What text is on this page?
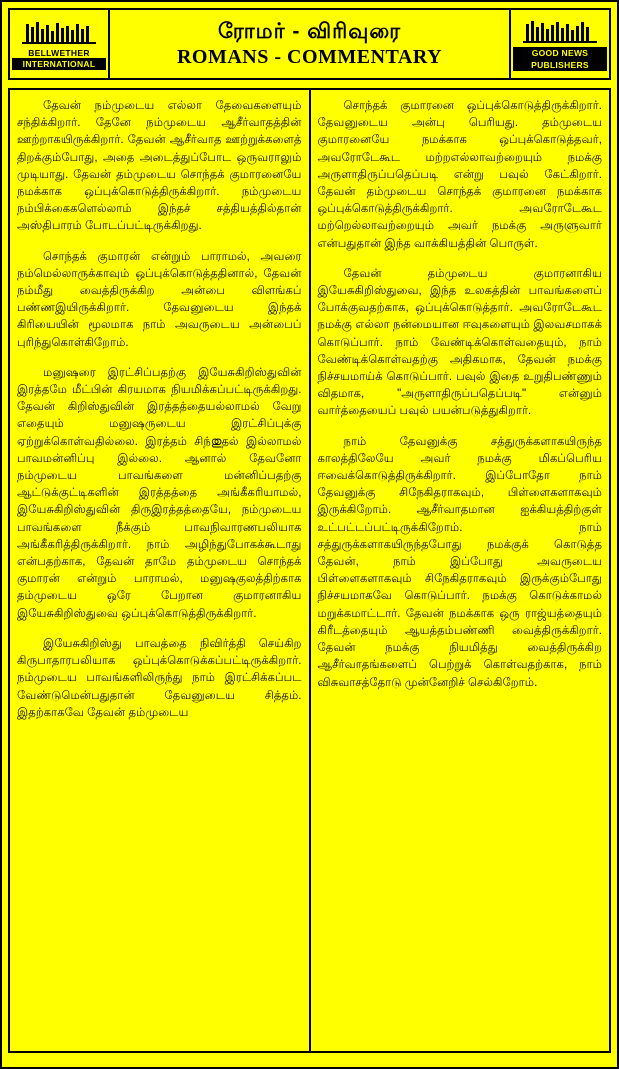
BELLWETHER
INTERNATIONAL
ரோமர் - விரிவுரை
ROMANS - COMMENTARY	GOOD NEWS
PUBLISHERS

தேவன் நம்முடைய எல்லா தேவைகளையும் சந்திக்கிறார். தேனே நம்முடைய ஆசீர்வாதத்தின் ஊற்றாகயிருக்கிறார். தேவன் ஆசீர்வாத ஊற்றுக்களைத் திறக்கும்போது, அதை அடைத்துப்போட ஒருவராலும் முடியாது. தேவன் தம்முடைய சொந்தக் குமாரனையே நமக்காக ஒப்புக்கொடுத்திருக்கிறார். நம்முடைய நம்பிக்கைகளெல்லாம் இந்தச் சத்தியத்தில்தான் அஸ்திபாரம் போடப்பட்டிருக்கிறது.

சொந்தக் குமாரன் என்றும் பாராமல், அவரை நம்மெல்லாருக்காவும் ஒப்புக்கொடுத்ததினால், தேவன் நம்மீது வைத்திருக்கிற அன்பை விளங்கப் பண்ணஇயிருக்கிறார். தேவனுடைய இந்தக் கிரியையின் மூலமாக நாம் அவருடைய அன்பைப் புரிந்துகொள்கிறோம்.

மனுஷரை இரட்சிப்பதற்கு இயேசுகிறிஸ்துவின் இரத்தமே மீட்பின் கிரயமாக நியமிக்கப்பட்டிருக்கிறது. தேவன் கிறிஸ்துவின் இரத்தத்தையல்லாமல் வேறு எதையும் மனுஷருடைய இரட்சிப்புக்கு ஏற்றுக்கொள்வதில்லை. இரத்தம் சிந்തുதல் இல்லாமல் பாவமன்னிப்பு இல்லை. ஆனால் தேவனோ நம்முடைய பாவங்களை மன்னிப்பதற்கு ஆட்டுக்குட்டிகளின் இரத்தத்தை அங்கீகரியாமல், இயேசுகிறிஸ்துவின் திருஇரத்தத்தையே, நம்முடைய பாவங்களை நீக்கும் பாவநிவாரணபலியாக அங்கீகரித்திருக்கிறார். நாம் அழிந்துபோகக்கூடாது என்பதற்காக, தேவன் தாமே தம்முடைய சொந்தக் குமாரன் என்றும் பாராமல், மனுஷகுலத்திற்காக தம்முடைய ஒரே பேறான குமாரனாகிய இயேசுகிறிஸ்துவை ஒப்புக்கொடுத்திருக்கிறார்.

இயேசுகிறிஸ்து பாவத்தை நிவிர்த்தி செய்கிற கிருபாதாரபலியாக ஒப்புக்கொடுக்கப்பட்டிருக்கிறார். நம்முடைய பாவங்களிலிருந்து நாம் இரட்சிக்கப்பட வேண்டுமென்பதுதான் தேவனுடைய சித்தம். இதற்காகவே தேவன் தம்முடைய

சொந்தக் குமாரனை ஒப்புக்கொடுத்திருக்கிறார். தேவனுடைய அன்பு பெரியது. தம்முடைய குமாரனையே நமக்காக ஒப்புக்கொடுத்தவர், அவரோடேகூட மற்றஎல்லாவற்றையும் நமக்கு அருளாதிருப்பதெப்படி என்று பவுல் கேட்கிறார். தேவன் தம்முடைய சொந்தக் குமாரனை நமக்காக ஒப்புக்கொடுத்திருக்கிறார். அவரோடேகூட மற்றெல்லாவற்றையும் அவர் நமக்கு அருளுவார் என்பதுதான் இந்த வாக்கியத்தின் பொருள்.

தேவன் தம்முடைய குமாரனாகிய இயேசுகிறிஸ்துவை, இந்த உலகத்தின் பாவங்களைப் போக்குவதற்காக, ஒப்புக்கொடுத்தார். அவரோடேகூட நமக்கு எல்லா நன்மையான ஈவுகளையும் இலவசமாகக் கொடுப்பார். நாம் வேண்டிக்கொள்வதையும், நாம் வேண்டிக்கொள்வதற்கு அதிகமாக, தேவன் நமக்கு நிச்சயமாய்க் கொடுப்பார். பவுல் இதை உறுதிபண்ணும் விதமாக, "அருளாதிருப்பதெப்படி" என்னும் வார்த்தையைப் பவுல் பயன்படுத்துகிறார்.

நாம் தேவனுக்கு சத்துருக்களாகயிருந்த காலத்திலேயே அவர் நமக்கு மிகப்பெரிய ஈவைக்கொடுத்திருக்கிறார். இப்போதோ நாம் தேவனுக்கு சிநேகிதராகவும், பிள்ளைகளாகவும் இருக்கிறோம். ஆசீர்வாதமான ஐக்கியத்திற்குள் உட்பட்டப்பட்டிருக்கிறோம். நாம் சத்துருக்களாகயிருந்தபோது நமக்குக் கொடுத்த தேவன், நாம் இப்போது அவருடைய பிள்ளைகளாகவும் சிநேகிதராகவும் இருக்கும்போது நிச்சயமாகவே கொடுப்பார். நமக்கு கொடுக்காமல் மறுக்கமாட்டார். தேவன் நமக்காக ஒரு ராஜ்யத்தையும் கிரீடத்தையும் ஆயத்தம்பண்ணி வைத்திருக்கிறார். தேவன் நமக்கு நியமித்து வைத்திருக்கிற ஆசீர்வாதங்களைப் பெற்றுக் கொள்வதற்காக, நாம் விசுவாசத்தோடு முன்னேறிச் செல்கிறோம்.
